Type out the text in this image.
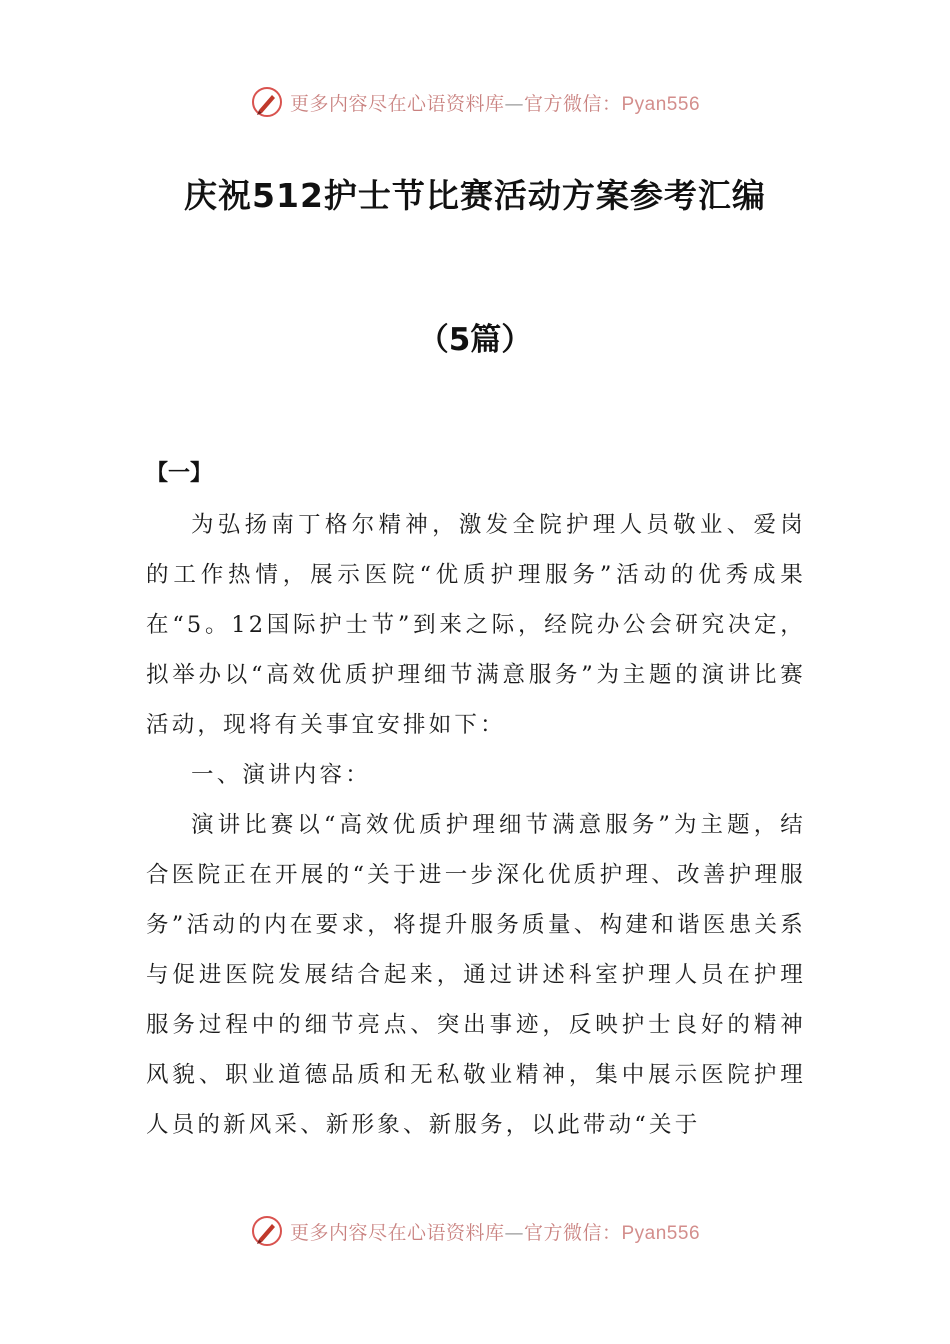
更多内容尽在心语资料库—官方微信：Pyan556
庆祝512护士节比赛活动方案参考汇编
（5篇）
【一】

为弘扬南丁格尔精神，激发全院护理人员敬业、爱岗的工作热情，展示医院“优质护理服务”活动的优秀成果在“5。12国际护士节”到来之际，经院办公会研究决定，拟举办以“高效优质护理细节满意服务”为主题的演讲比赛活动，现将有关事宜安排如下：

一、演讲内容：

演讲比赛以“高效优质护理细节满意服务”为主题，结合医院正在开展的“关于进一步深化优质护理、改善护理服务”活动的内在要求，将提升服务质量、构建和谐医患关系与促进医院发展结合起来，通过讲述科室护理人员在护理服务过程中的细节亮点、突出事迹，反映护士良好的精神风貌、职业道德品质和无私敬业精神，集中展示医院护理人员的新风采、新形象、新服务，以此带动“关于

更多内容尽在心语资料库—官方微信：Pyan556
